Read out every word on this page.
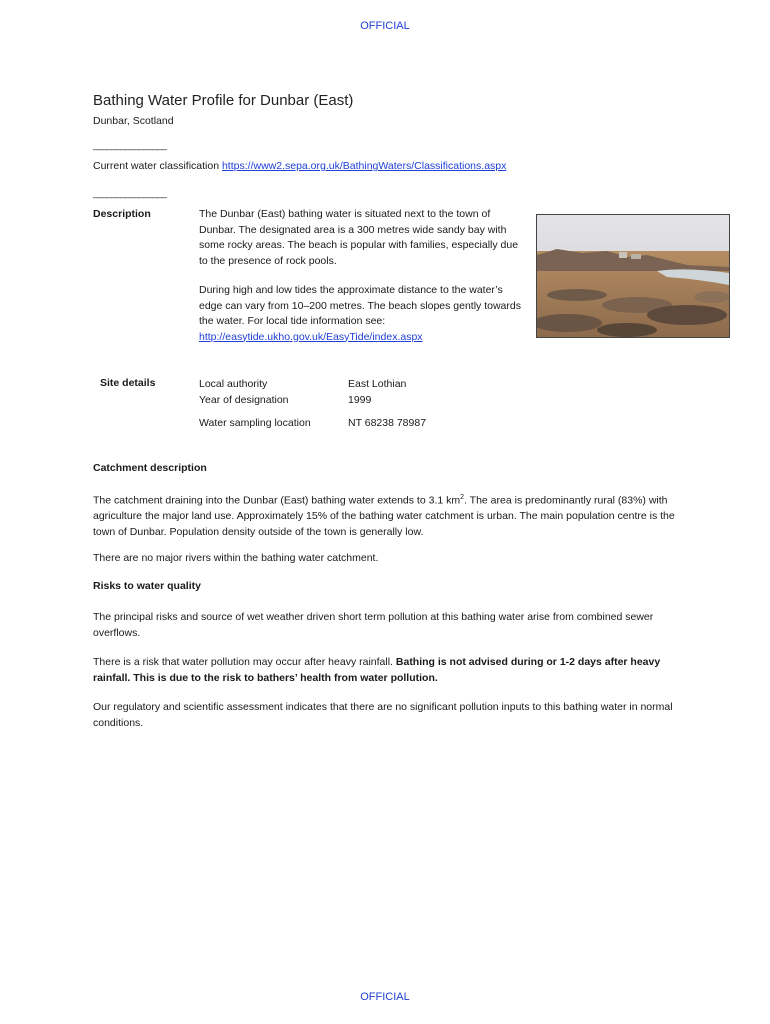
OFFICIAL
Bathing Water Profile for Dunbar (East)
Dunbar, Scotland
________________
Current water classification https://www2.sepa.org.uk/BathingWaters/Classifications.aspx
________________
Description	The Dunbar (East) bathing water is situated next to the town of Dunbar. The designated area is a 300 metres wide sandy bay with some rocky areas. The beach is popular with families, especially due to the presence of rock pools.
During high and low tides the approximate distance to the water’s edge can vary from 10–200 metres. The beach slopes gently towards the water. For local tide information see:
http://easytide.ukho.gov.uk/EasyTide/index.aspx
Site details	Local authority	East Lothian
Year of designation	1999
Water sampling location	NT 68238 78987
Catchment description
The catchment draining into the Dunbar (East) bathing water extends to 3.1 $km^2$. The area is predominantly rural (83%) with agriculture the major land use. Approximately 15% of the bathing water catchment is urban. The main population centre is the town of Dunbar. Population density outside of the town is generally low.
There are no major rivers within the bathing water catchment.
Risks to water quality
The principal risks and source of wet weather driven short term pollution at this bathing water arise from combined sewer overflows.
There is a risk that water pollution may occur after heavy rainfall. Bathing is not advised during or 1-2 days after heavy rainfall. This is due to the risk to bathers’ health from water pollution.
Our regulatory and scientific assessment indicates that there are no significant pollution inputs to this bathing water in normal conditions.
OFFICIAL
